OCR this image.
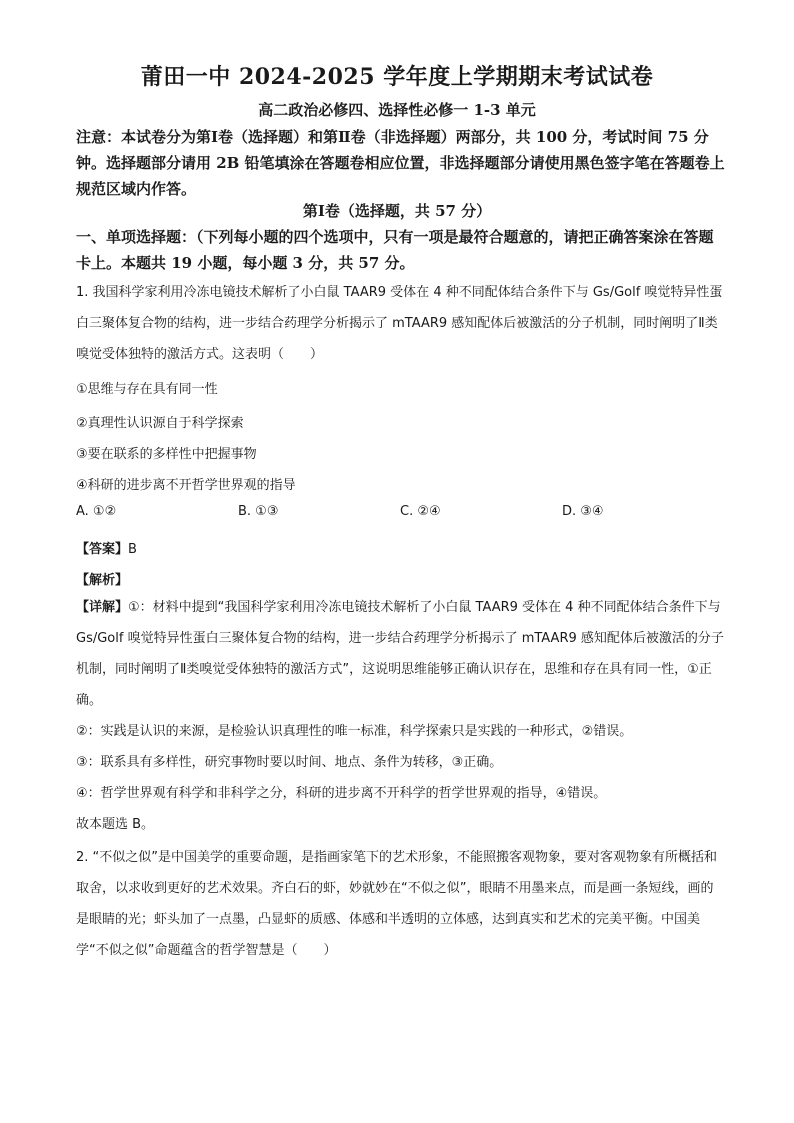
莆田一中 2024-2025 学年度上学期期末考试试卷
高二政治必修四、选择性必修一 1-3 单元
注意：本试卷分为第Ⅰ卷（选择题）和第Ⅱ卷（非选择题）两部分，共 100 分，考试时间 75 分钟。选择题部分请用 2B 铅笔填涂在答题卷相应位置，非选择题部分请使用黑色签字笔在答题卷上规范区域内作答。
第Ⅰ卷（选择题，共 57 分）
一、单项选择题：（下列每小题的四个选项中，只有一项是最符合题意的，请把正确答案涂在答题卡上。本题共 19 小题，每小题 3 分，共 57 分。
1. 我国科学家利用冷冻电镜技术解析了小白鼠 TAAR9 受体在 4 种不同配体结合条件下与 Gs/Golf 嗅觉特异性蛋白三聚体复合物的结构，进一步结合药理学分析揭示了 mTAAR9 感知配体后被激活的分子机制，同时阐明了Ⅱ类嗅觉受体独特的激活方式。这表明（　　）
①思维与存在具有同一性
②真理性认识源自于科学探索
③要在联系的多样性中把握事物
④科研的进步离不开哲学世界观的指导
A. ①②	B. ①③	C. ②④	D. ③④
【答案】B
【解析】
【详解】①：材料中提到“我国科学家利用冷冻电镜技术解析了小白鼠 TAAR9 受体在 4 种不同配体结合条件下与 Gs/Golf 嗅觉特异性蛋白三聚体复合物的结构，进一步结合药理学分析揭示了 mTAAR9 感知配体后被激活的分子机制，同时阐明了Ⅱ类嗅觉受体独特的激活方式”，这说明思维能够正确认识存在，思维和存在具有同一性，①正确。
②：实践是认识的来源，是检验认识真理性的唯一标准，科学探索只是实践的一种形式，②错误。
③：联系具有多样性，研究事物时要以时间、地点、条件为转移，③正确。
④：哲学世界观有科学和非科学之分，科研的进步离不开科学的哲学世界观的指导，④错误。
故本题选 B。
2. “不似之似”是中国美学的重要命题，是指画家笔下的艺术形象，不能照搬客观物象，要对客观物象有所概括和取舍，以求收到更好的艺术效果。齐白石的虾，妙就妙在“不似之似”，眼睛不用墨来点，而是画一条短线，画的是眼睛的光；虾头加了一点墨，凸显虾的质感、体感和半透明的立体感，达到真实和艺术的完美平衡。中国美学“不似之似”命题蕴含的哲学智慧是（　　）
